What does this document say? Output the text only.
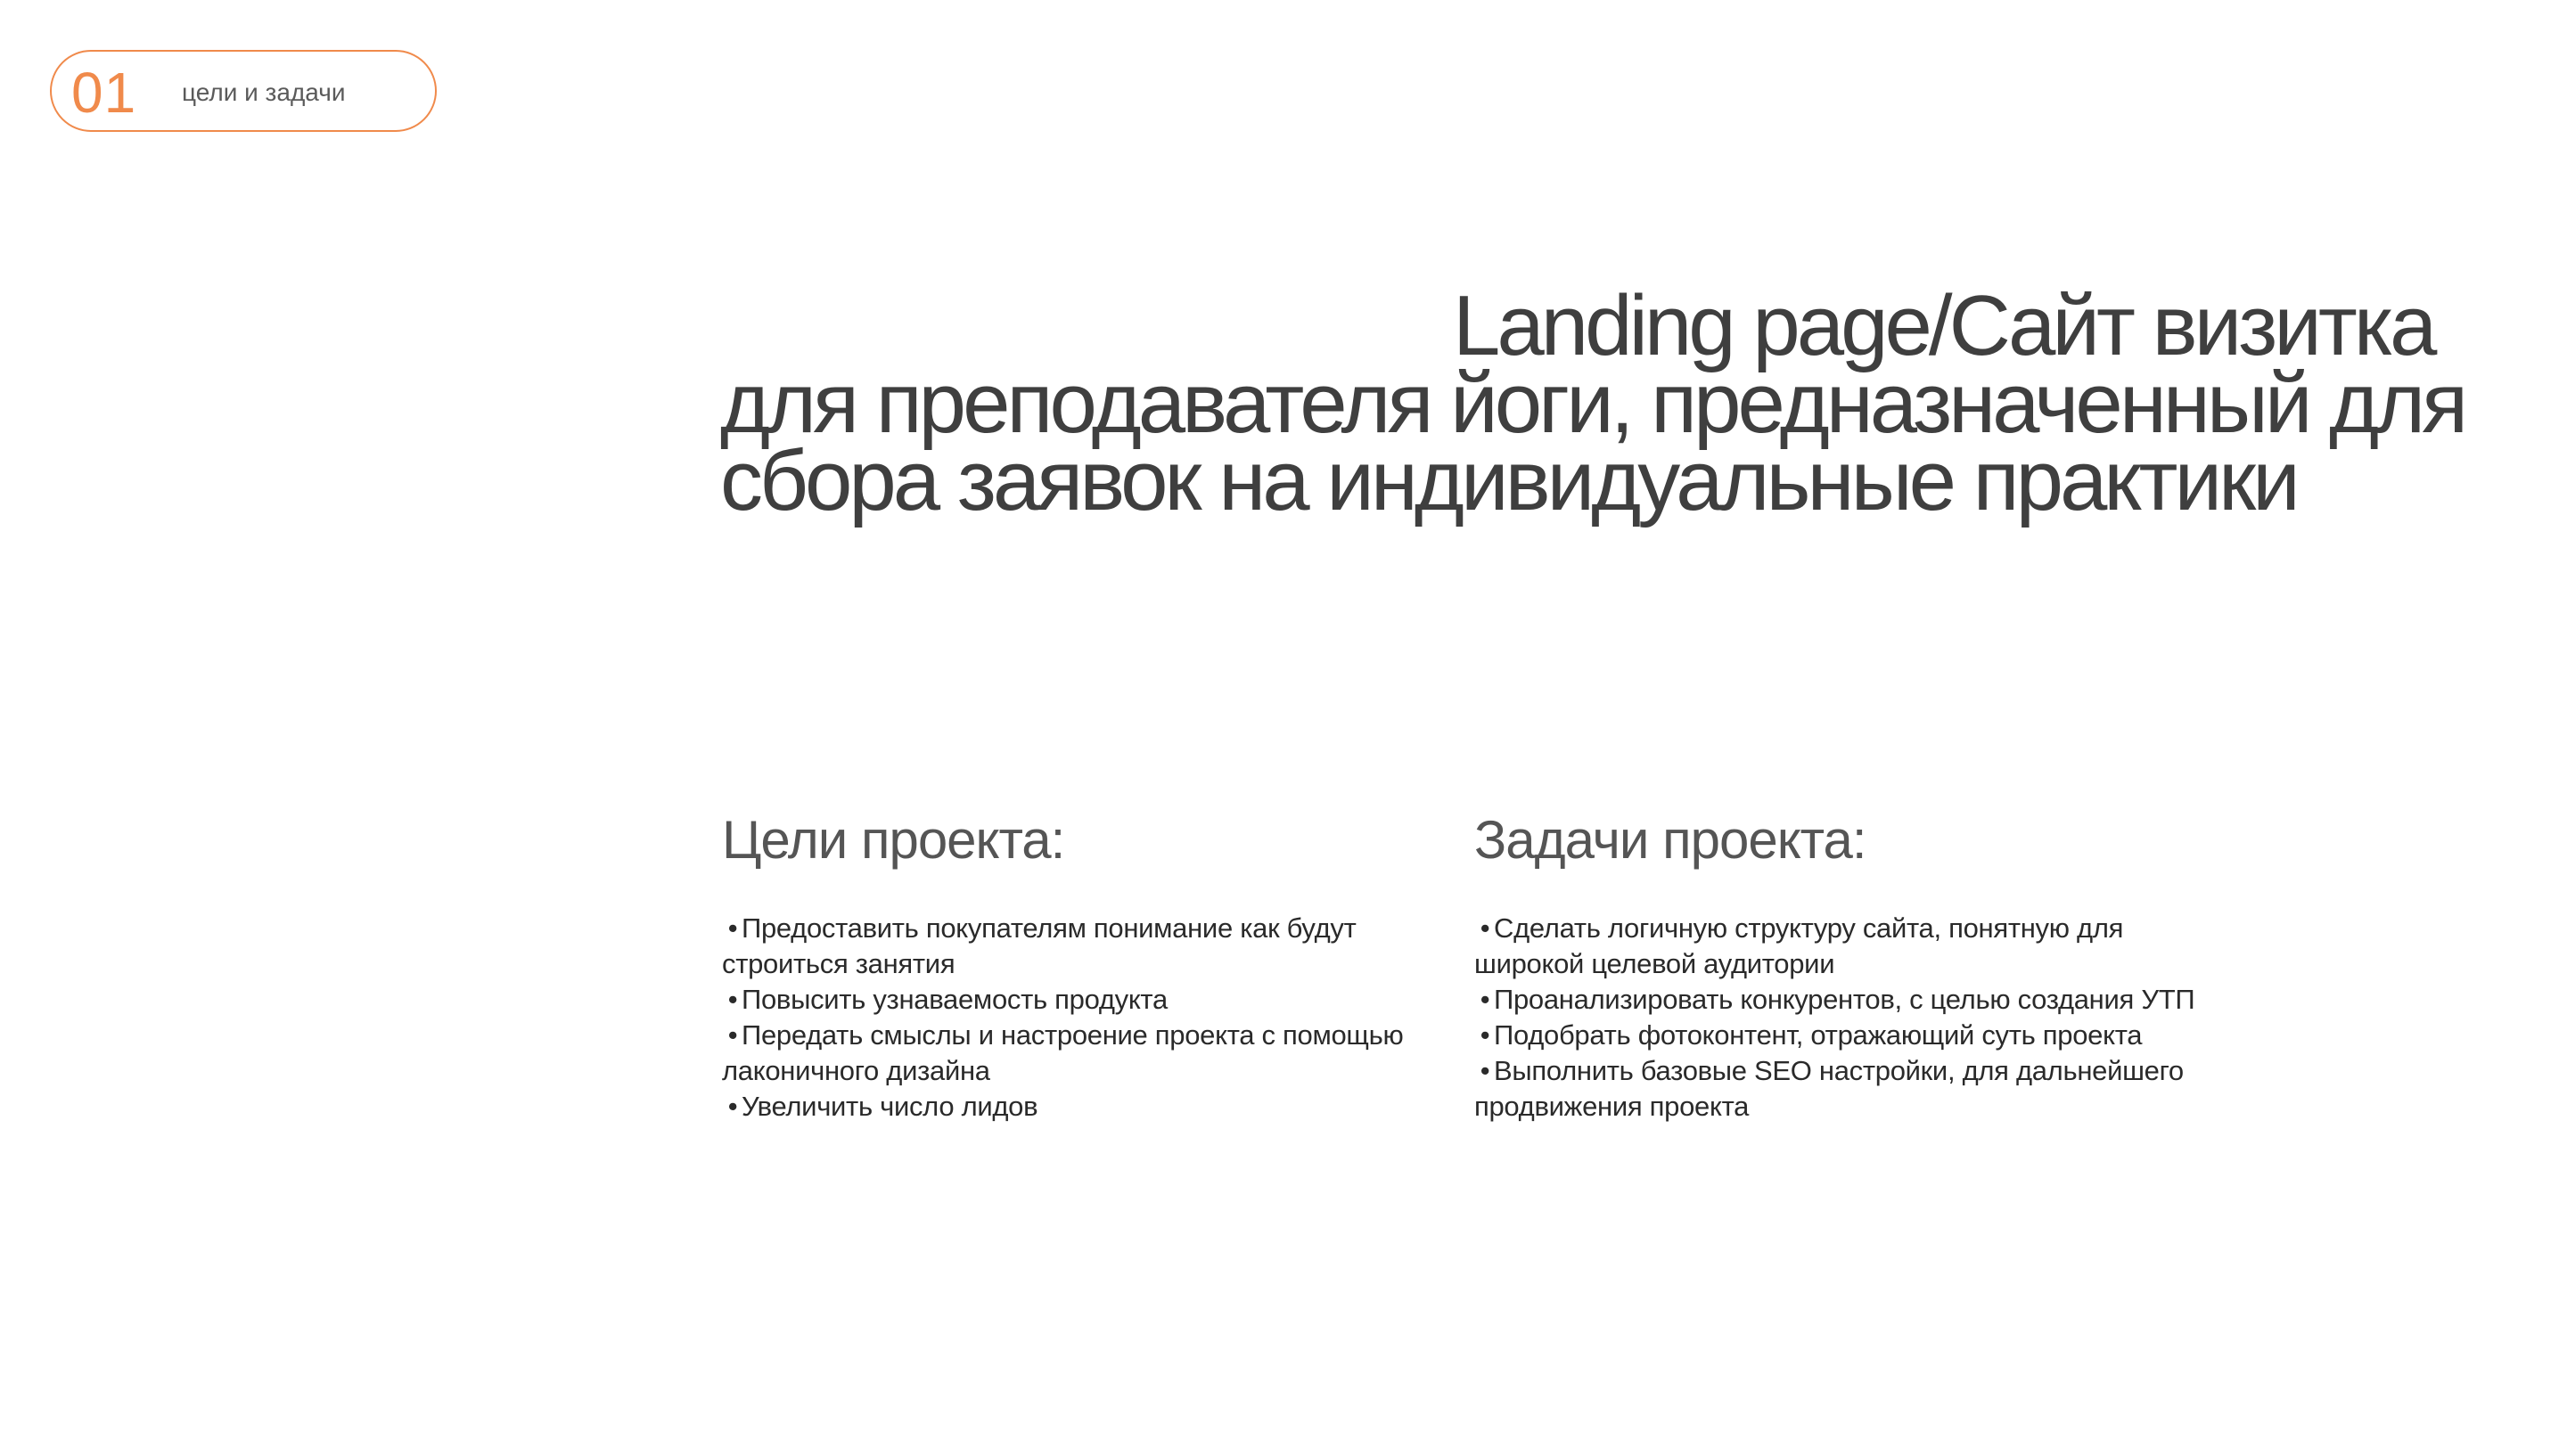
01 цели и задачи
Landing page/Сайт визитка для преподавателя йоги, предназначенный для сбора заявок на индивидуальные практики
Цели проекта:
• Предоставить покупателям понимание как будут строиться занятия
• Повысить узнаваемость продукта
• Передать смыслы и настроение проекта с помощью лаконичного дизайна
• Увеличить число лидов
Задачи проекта:
• Сделать логичную структуру сайта, понятную для широкой целевой аудитории
• Проанализировать конкурентов, с целью создания УТП
• Подобрать фотоконтент, отражающий суть проекта
• Выполнить базовые SEO настройки, для дальнейшего продвижения проекта
